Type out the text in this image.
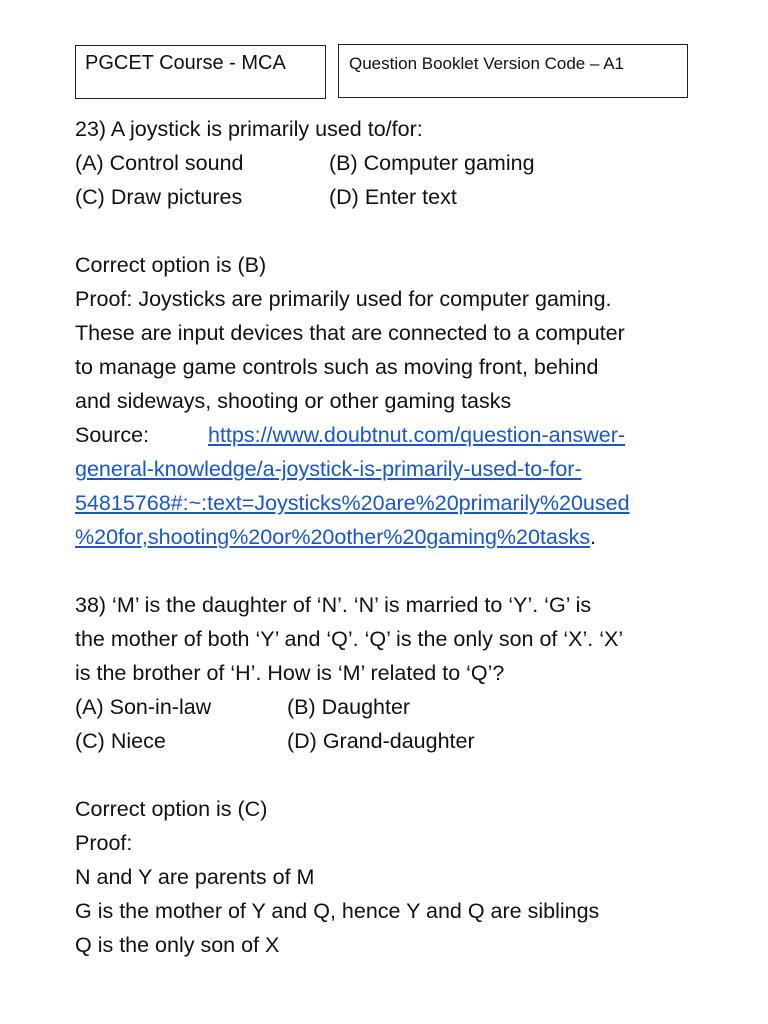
PGCET Course - MCA	Question Booklet Version Code – A1
23) A joystick is primarily used to/for:
(A) Control sound	(B) Computer gaming
(C) Draw pictures	(D) Enter text
Correct option is (B)
Proof: Joysticks are primarily used for computer gaming.
These are input devices that are connected to a computer
to manage game controls such as moving front, behind
and sideways, shooting or other gaming tasks
Source:	https://www.doubtnut.com/question-answer-
general-knowledge/a-joystick-is-primarily-used-to-for-
54815768#:~:text=Joysticks%20are%20primarily%20used
%20for,shooting%20or%20other%20gaming%20tasks.
38) ‘M’ is the daughter of ‘N’. ‘N’ is married to ‘Y’. ‘G’ is
the mother of both ‘Y’ and ‘Q’. ‘Q’ is the only son of ‘X’. ‘X’
is the brother of ‘H’. How is ‘M’ related to ‘Q’?
(A) Son-in-law	(B) Daughter
(C) Niece	(D) Grand-daughter
Correct option is (C)
Proof:
N and Y are parents of M
G is the mother of Y and Q, hence Y and Q are siblings
Q is the only son of X
